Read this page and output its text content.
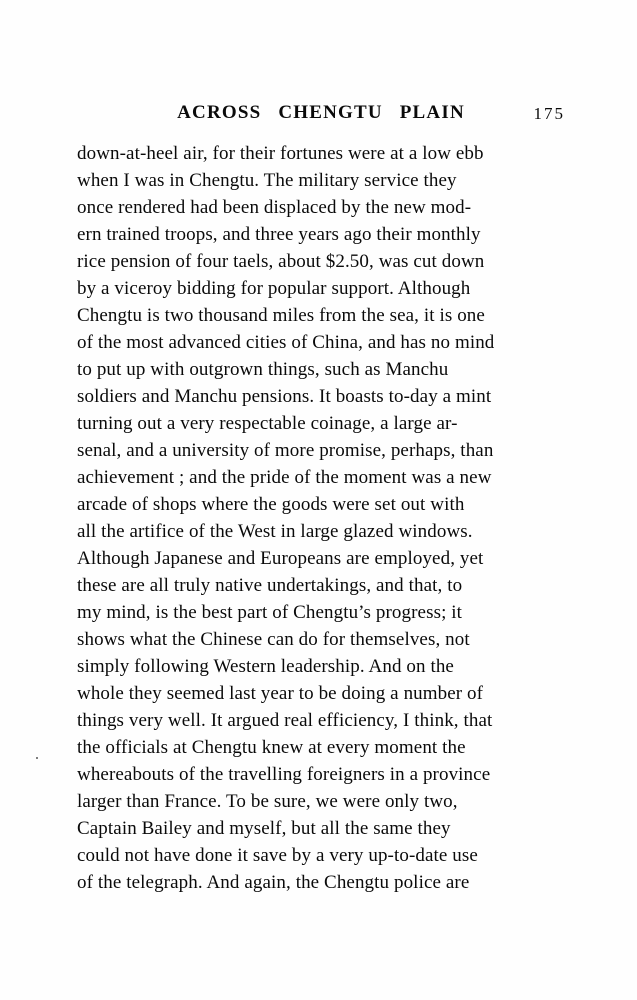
ACROSS CHENGTU PLAIN	175
down-at-heel air, for their fortunes were at a low ebb
when I was in Chengtu. The military service they
once rendered had been displaced by the new mod-
ern trained troops, and three years ago their monthly
rice pension of four taels, about $2.50, was cut down
by a viceroy bidding for popular support. Although
Chengtu is two thousand miles from the sea, it is one
of the most advanced cities of China, and has no mind
to put up with outgrown things, such as Manchu
soldiers and Manchu pensions. It boasts to-day a mint
turning out a very respectable coinage, a large ar-
senal, and a university of more promise, perhaps, than
achievement ; and the pride of the moment was a new
arcade of shops where the goods were set out with
all the artifice of the West in large glazed windows.
Although Japanese and Europeans are employed, yet
these are all truly native undertakings, and that, to
my mind, is the best part of Chengtu’s progress; it
shows what the Chinese can do for themselves, not
simply following Western leadership. And on the
whole they seemed last year to be doing a number of
things very well. It argued real efficiency, I think, that
the officials at Chengtu knew at every moment the
whereabouts of the travelling foreigners in a province
larger than France. To be sure, we were only two,
Captain Bailey and myself, but all the same they
could not have done it save by a very up-to-date use
of the telegraph. And again, the Chengtu police are
